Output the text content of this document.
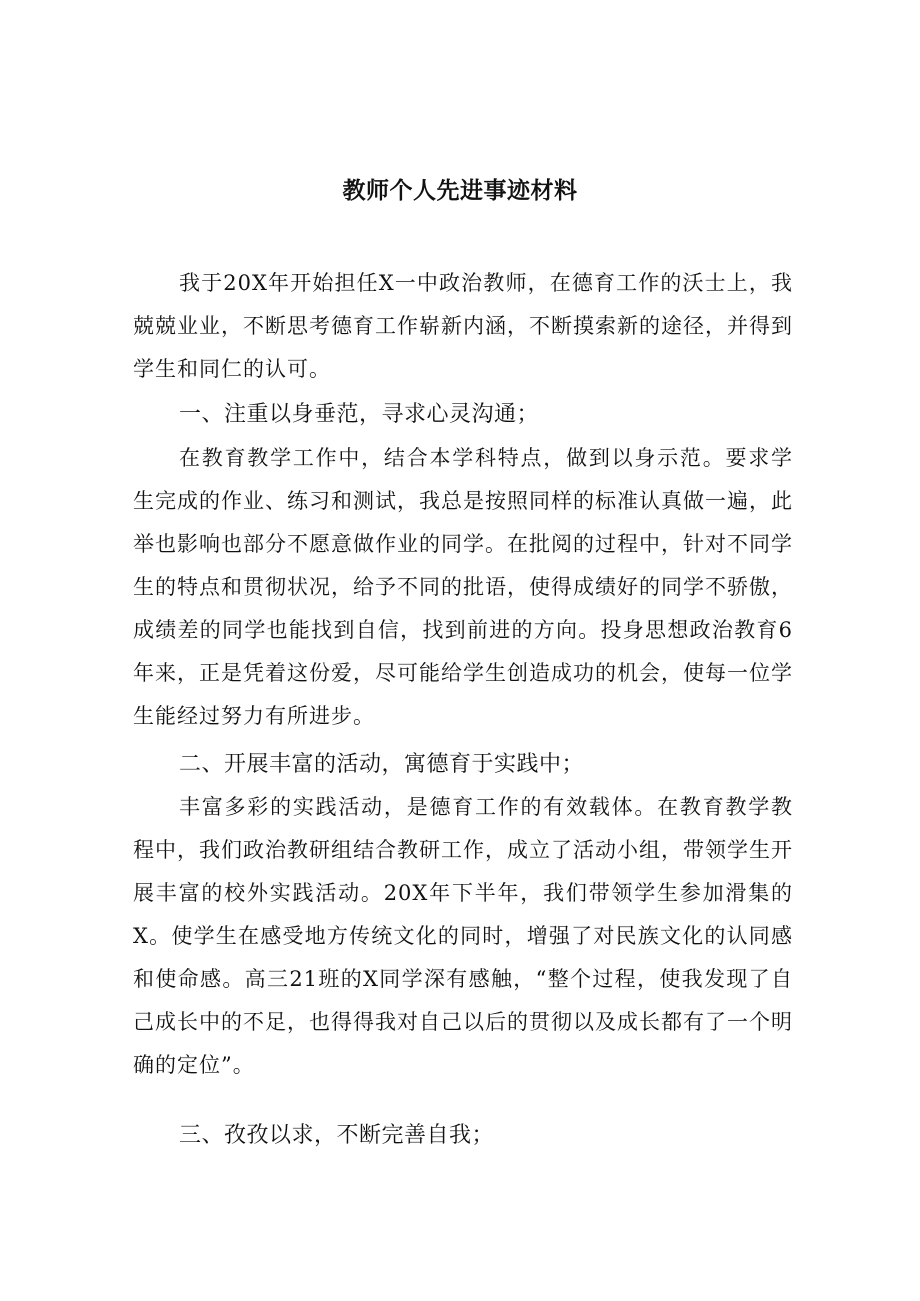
教师个人先进事迹材料

我于20X年开始担任X一中政治教师，在德育工作的沃士上，我兢兢业业，不断思考德育工作崭新内涵，不断摸索新的途径，并得到学生和同仁的认可。

一、注重以身垂范，寻求心灵沟通；

在教育教学工作中，结合本学科特点，做到以身示范。要求学生完成的作业、练习和测试，我总是按照同样的标准认真做一遍，此举也影响也部分不愿意做作业的同学。在批阅的过程中，针对不同学生的特点和贯彻状况，给予不同的批语，使得成绩好的同学不骄傲，成绩差的同学也能找到自信，找到前进的方向。投身思想政治教育6年来，正是凭着这份爱，尽可能给学生创造成功的机会，使每一位学生能经过努力有所进步。

二、开展丰富的活动，寓德育于实践中；

丰富多彩的实践活动，是德育工作的有效载体。在教育教学教程中，我们政治教研组结合教研工作，成立了活动小组，带领学生开展丰富的校外实践活动。20X年下半年，我们带领学生参加滑集的X。使学生在感受地方传统文化的同时，增强了对民族文化的认同感和使命感。高三21班的X同学深有感触，“整个过程，使我发现了自己成长中的不足，也得得我对自己以后的贯彻以及成长都有了一个明确的定位”。

三、孜孜以求，不断完善自我；
